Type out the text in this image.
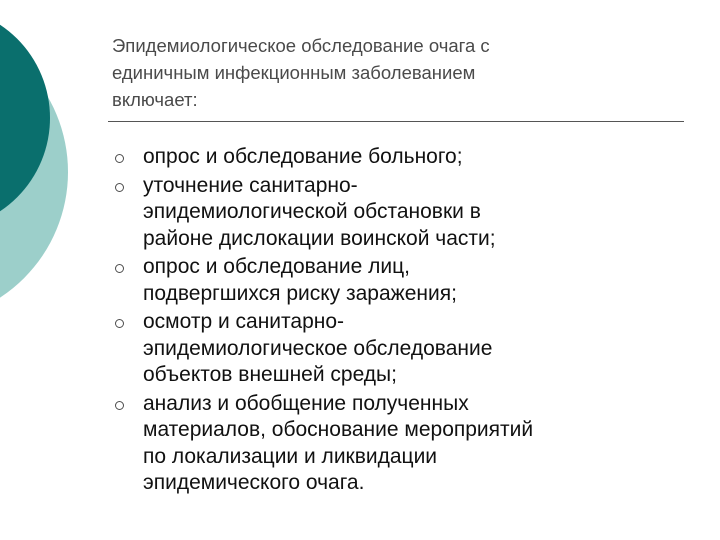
Эпидемиологическое обследование очага с
единичным инфекционным заболеванием
включает:
опрос и обследование больного;
уточнение санитарно-
эпидемиологической обстановки в
районе дислокации воинской части;
опрос и обследование лиц,
подвергшихся риску заражения;
осмотр и санитарно-
эпидемиологическое обследование
объектов внешней среды;
анализ и обобщение полученных
материалов, обоснование мероприятий
по локализации и ликвидации
эпидемического очага.
